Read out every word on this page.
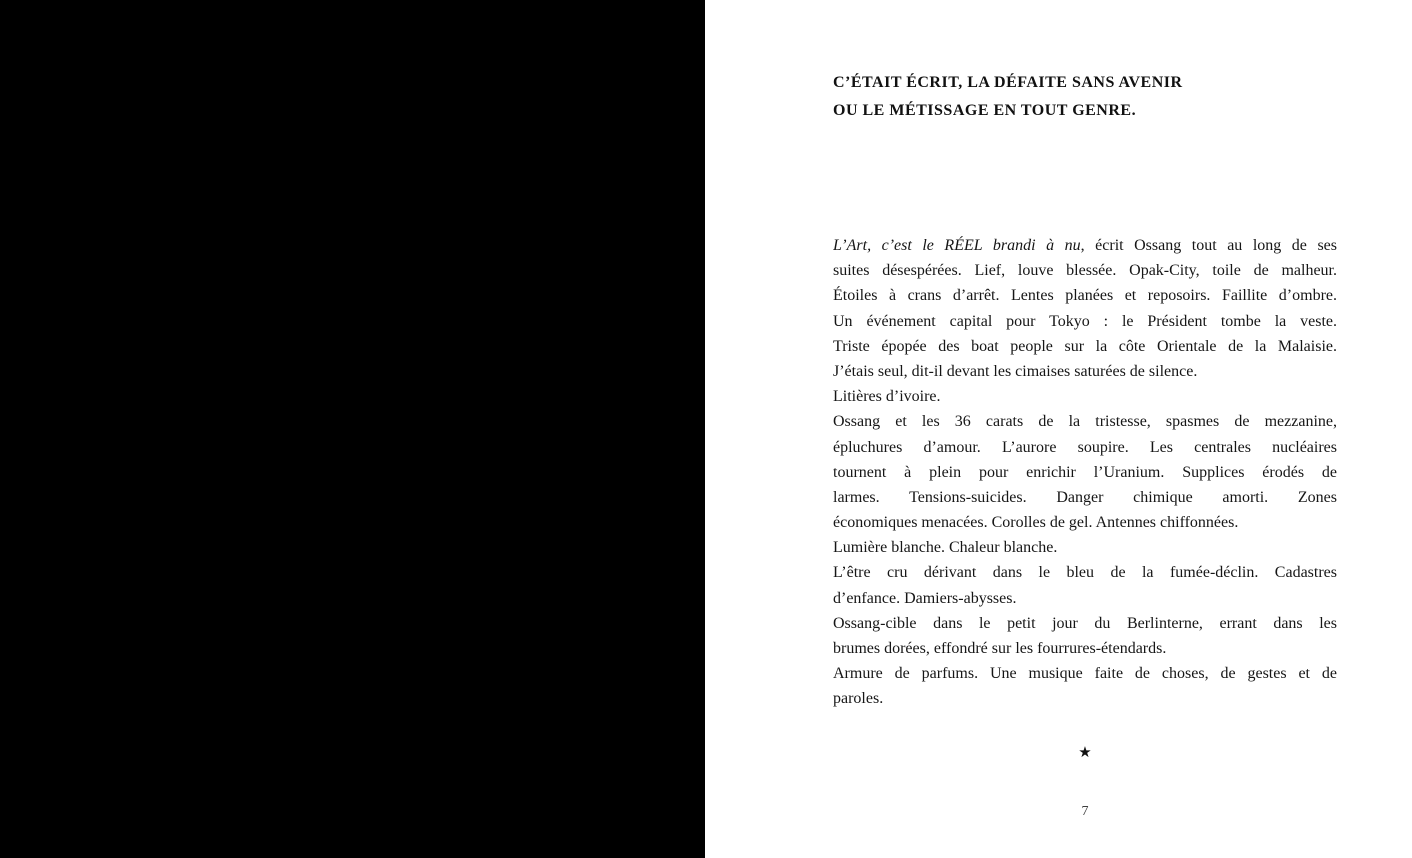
C’ÉTAIT ÉCRIT, LA DÉFAITE SANS AVENIR
OU LE MÉTISSAGE EN TOUT GENRE.
L’Art, c’est le RÉEL brandi à nu, écrit Ossang tout au long de ses
suites désespérées. Lief, louve blessée. Opak-City, toile de malheur.
Étoiles à crans d’arrêt. Lentes planées et reposoirs. Faillite d’ombre.
Un événement capital pour Tokyo : le Président tombe la veste.
Triste épopée des boat people sur la côte Orientale de la Malaisie.
J’étais seul, dit-il devant les cimaises saturées de silence.
Litières d’ivoire.
Ossang et les 36 carats de la tristesse, spasmes de mezzanine,
épluchures d’amour. L’aurore soupire. Les centrales nucléaires
tournent à plein pour enrichir l’Uranium. Supplices érodés de
larmes. Tensions-suicides. Danger chimique amorti. Zones
économiques menacées. Corolles de gel. Antennes chiffonnées.
Lumière blanche. Chaleur blanche.
L’être cru dérivant dans le bleu de la fumée-déclin. Cadastres
d’enfance. Damiers-abysses.
Ossang-cible dans le petit jour du Berlinterne, errant dans les
brumes dorées, effondré sur les fourrures-étendards.
Armure de parfums. Une musique faite de choses, de gestes et de
paroles.
★
7
